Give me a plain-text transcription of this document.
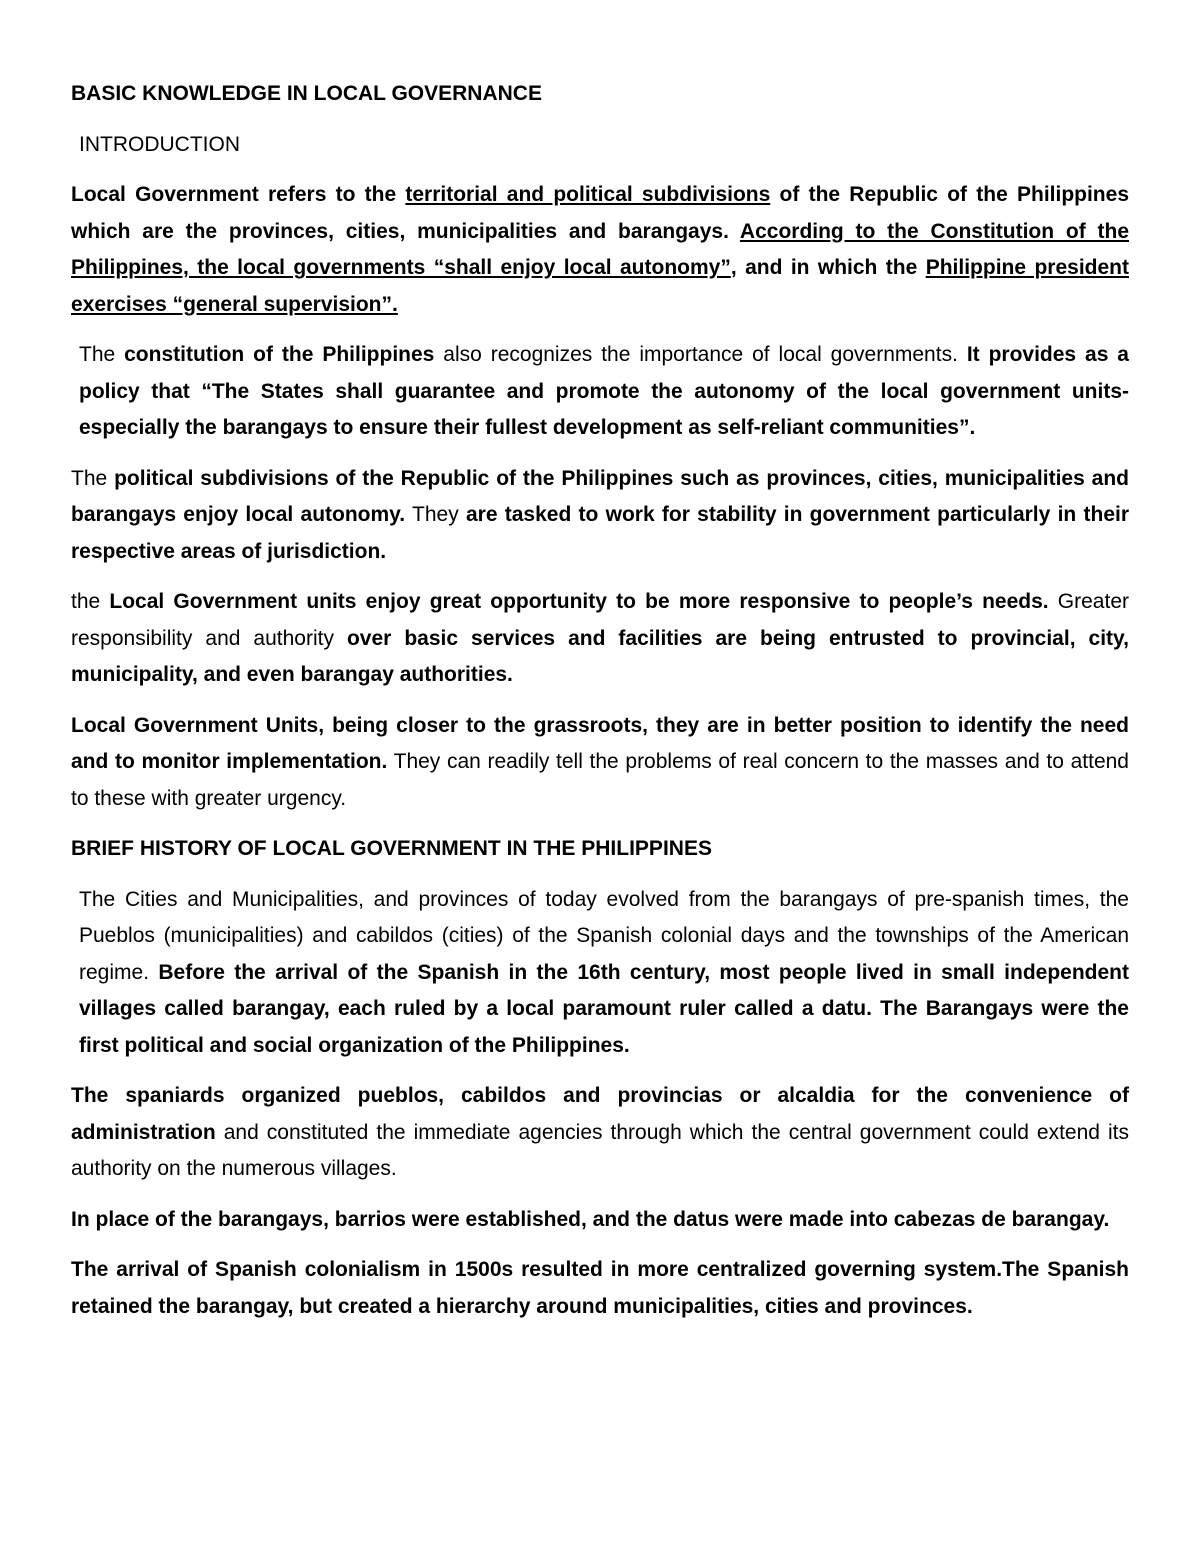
BASIC KNOWLEDGE IN LOCAL GOVERNANCE
INTRODUCTION

Local Government refers to the territorial and political subdivisions of the Republic of the Philippines which are the provinces, cities, municipalities and barangays. According to the Constitution of the Philippines, the local governments “shall enjoy local autonomy”, and in which the Philippine president exercises “general supervision”.

The constitution of the Philippines also recognizes the importance of local governments. It provides as a policy that “The States shall guarantee and promote the autonomy of the local government units-especially the barangays to ensure their fullest development as self-reliant communities”.

The political subdivisions of the Republic of the Philippines such as provinces, cities, municipalities and barangays enjoy local autonomy. They are tasked to work for stability in government particularly in their respective areas of jurisdiction.

the Local Government units enjoy great opportunity to be more responsive to people’s needs. Greater responsibility and authority over basic services and facilities are being entrusted to provincial, city, municipality, and even barangay authorities.

Local Government Units, being closer to the grassroots, they are in better position to identify the need and to monitor implementation. They can readily tell the problems of real concern to the masses and to attend to these with greater urgency.

BRIEF HISTORY OF LOCAL GOVERNMENT IN THE PHILIPPINES

The Cities and Municipalities, and provinces of today evolved from the barangays of pre-spanish times, the Pueblos (municipalities) and cabildos (cities) of the Spanish colonial days and the townships of the American regime. Before the arrival of the Spanish in the 16th century, most people lived in small independent villages called barangay, each ruled by a local paramount ruler called a datu. The Barangays were the first political and social organization of the Philippines.

The spaniards organized pueblos, cabildos and provincias or alcaldia for the convenience of administration and constituted the immediate agencies through which the central government could extend its authority on the numerous villages.

In place of the barangays, barrios were established, and the datus were made into cabezas de barangay.

The arrival of Spanish colonialism in 1500s resulted in more centralized governing system.The Spanish retained the barangay, but created a hierarchy around municipalities, cities and provinces.
